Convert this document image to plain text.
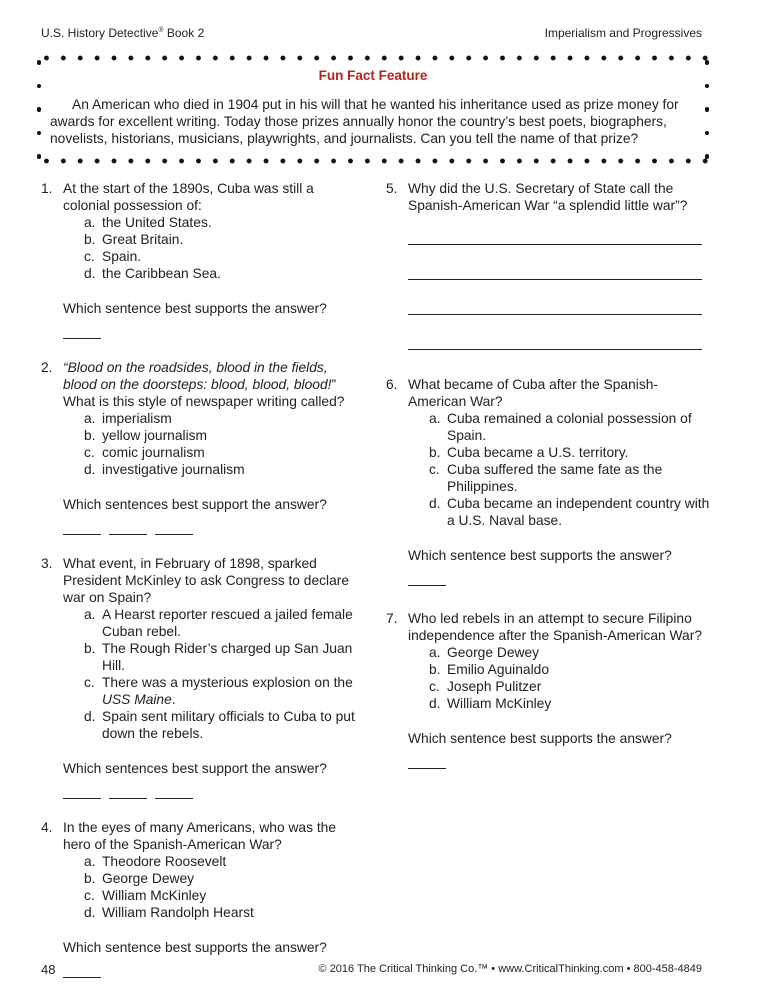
U.S. History Detective® Book 2	Imperialism and Progressives
Fun Fact Feature
An American who died in 1904 put in his will that he wanted his inheritance used as prize money for awards for excellent writing. Today those prizes annually honor the country’s best poets, biographers, novelists, historians, musicians, playwrights, and journalists. Can you tell the name of that prize?
1. At the start of the 1890s, Cuba was still a colonial possession of:
a. the United States.
b. Great Britain.
c. Spain.
d. the Caribbean Sea.
Which sentence best supports the answer?
2. “Blood on the roadsides, blood in the fields, blood on the doorsteps: blood, blood, blood!”
What is this style of newspaper writing called?
a. imperialism
b. yellow journalism
c. comic journalism
d. investigative journalism
Which sentences best support the answer?
3. What event, in February of 1898, sparked President McKinley to ask Congress to declare war on Spain?
a. A Hearst reporter rescued a jailed female Cuban rebel.
b. The Rough Rider’s charged up San Juan Hill.
c. There was a mysterious explosion on the USS Maine.
d. Spain sent military officials to Cuba to put down the rebels.
Which sentences best support the answer?
4. In the eyes of many Americans, who was the hero of the Spanish-American War?
a. Theodore Roosevelt
b. George Dewey
c. William McKinley
d. William Randolph Hearst
Which sentence best supports the answer?
5. Why did the U.S. Secretary of State call the Spanish-American War “a splendid little war”?
6. What became of Cuba after the Spanish-American War?
a. Cuba remained a colonial possession of Spain.
b. Cuba became a U.S. territory.
c. Cuba suffered the same fate as the Philippines.
d. Cuba became an independent country with a U.S. Naval base.
Which sentence best supports the answer?
7. Who led rebels in an attempt to secure Filipino independence after the Spanish-American War?
a. George Dewey
b. Emilio Aguinaldo
c. Joseph Pulitzer
d. William McKinley
Which sentence best supports the answer?
48	© 2016 The Critical Thinking Co.™ • www.CriticalThinking.com • 800-458-4849
